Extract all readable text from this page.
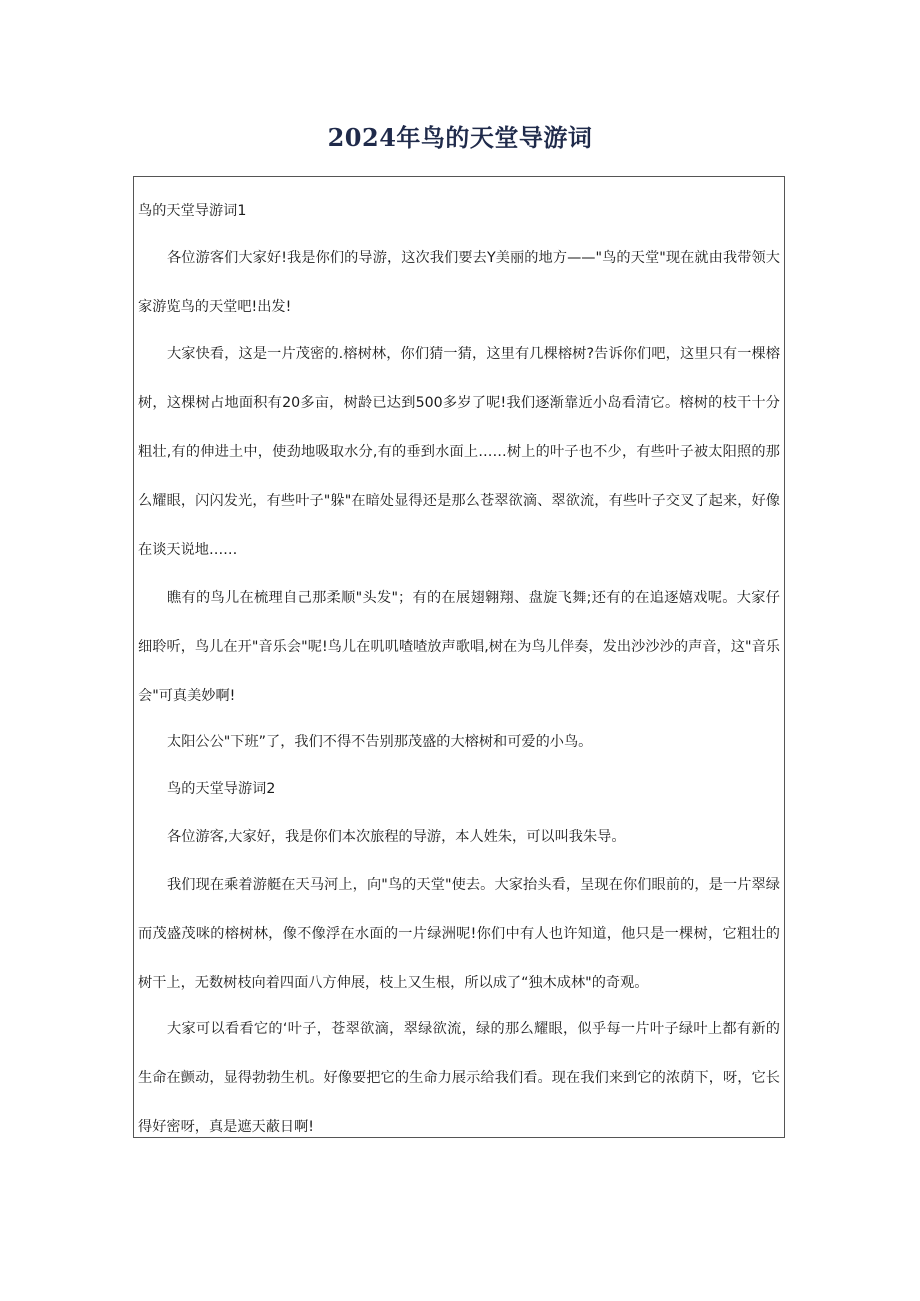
2024年鸟的天堂导游词

鸟的天堂导游词1

各位游客们大家好!我是你们的导游，这次我们要去Y美丽的地方——"鸟的天堂"现在就由我带领大家游览鸟的天堂吧!出发!

大家快看，这是一片茂密的.榕树林，你们猜一猜，这里有几棵榕树?告诉你们吧，这里只有一棵榕树，这棵树占地面积有20多亩，树龄已达到500多岁了呢!我们逐渐靠近小岛看清它。榕树的枝干十分粗壮,有的伸进土中，使劲地吸取水分,有的垂到水面上……树上的叶子也不少，有些叶子被太阳照的那么耀眼，闪闪发光，有些叶子"躲"在暗处显得还是那么苍翠欲滴、翠欲流，有些叶子交叉了起来，好像在谈天说地……

瞧有的鸟儿在梳理自己那柔顺"头发"；有的在展翅翱翔、盘旋飞舞;还有的在追逐嬉戏呢。大家仔细聆听，鸟儿在开"音乐会"呢!鸟儿在叽叽喳喳放声歌唱,树在为鸟儿伴奏，发出沙沙沙的声音，这"音乐会"可真美妙啊!

太阳公公"下班”了，我们不得不告别那茂盛的大榕树和可爱的小鸟。

鸟的天堂导游词2

各位游客,大家好，我是你们本次旅程的导游，本人姓朱，可以叫我朱导。

我们现在乘着游艇在天马河上，向"鸟的天堂"使去。大家抬头看，呈现在你们眼前的，是一片翠绿而茂盛茂咪的榕树林，像不像浮在水面的一片绿洲呢!你们中有人也许知道，他只是一棵树，它粗壮的树干上，无数树枝向着四面八方伸展，枝上又生根，所以成了“独木成林"的奇观。

大家可以看看它的‘叶子，苍翠欲滴，翠绿欲流，绿的那么耀眼，似乎每一片叶子绿叶上都有新的生命在颤动，显得勃勃生机。好像要把它的生命力展示给我们看。现在我们来到它的浓荫下，呀，它长得好密呀，真是遮天蔽日啊!
